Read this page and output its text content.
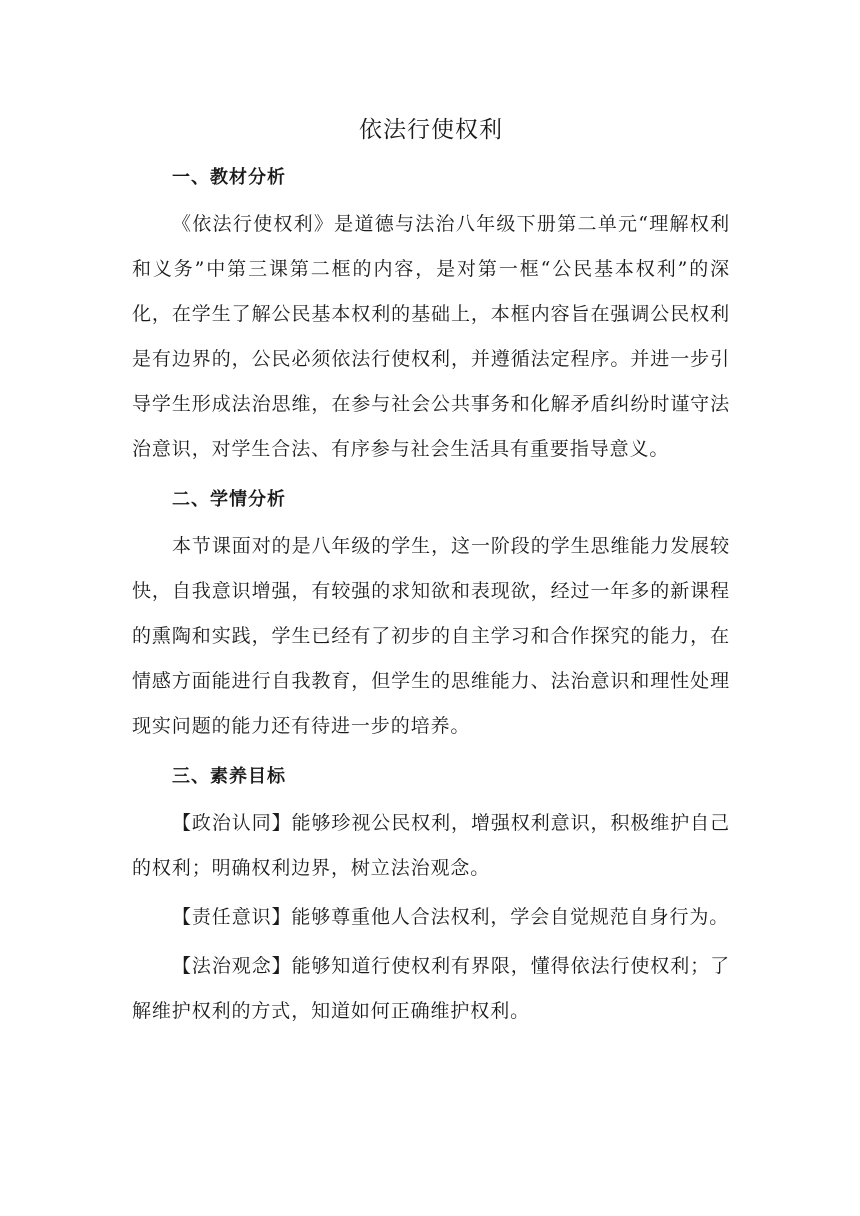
依法行使权利
一、教材分析

《依法行使权利》是道德与法治八年级下册第二单元“理解权利和义务”中第三课第二框的内容，是对第一框“公民基本权利”的深化，在学生了解公民基本权利的基础上，本框内容旨在强调公民权利是有边界的，公民必须依法行使权利，并遵循法定程序。并进一步引导学生形成法治思维，在参与社会公共事务和化解矛盾纠纷时谨守法治意识，对学生合法、有序参与社会生活具有重要指导意义。

二、学情分析

本节课面对的是八年级的学生，这一阶段的学生思维能力发展较快，自我意识增强，有较强的求知欲和表现欲，经过一年多的新课程的熏陶和实践，学生已经有了初步的自主学习和合作探究的能力，在情感方面能进行自我教育，但学生的思维能力、法治意识和理性处理现实问题的能力还有待进一步的培养。

三、素养目标

【政治认同】能够珍视公民权利，增强权利意识，积极维护自己的权利；明确权利边界，树立法治观念。

【责任意识】能够尊重他人合法权利，学会自觉规范自身行为。

【法治观念】能够知道行使权利有界限，懂得依法行使权利；了解维护权利的方式，知道如何正确维护权利。
